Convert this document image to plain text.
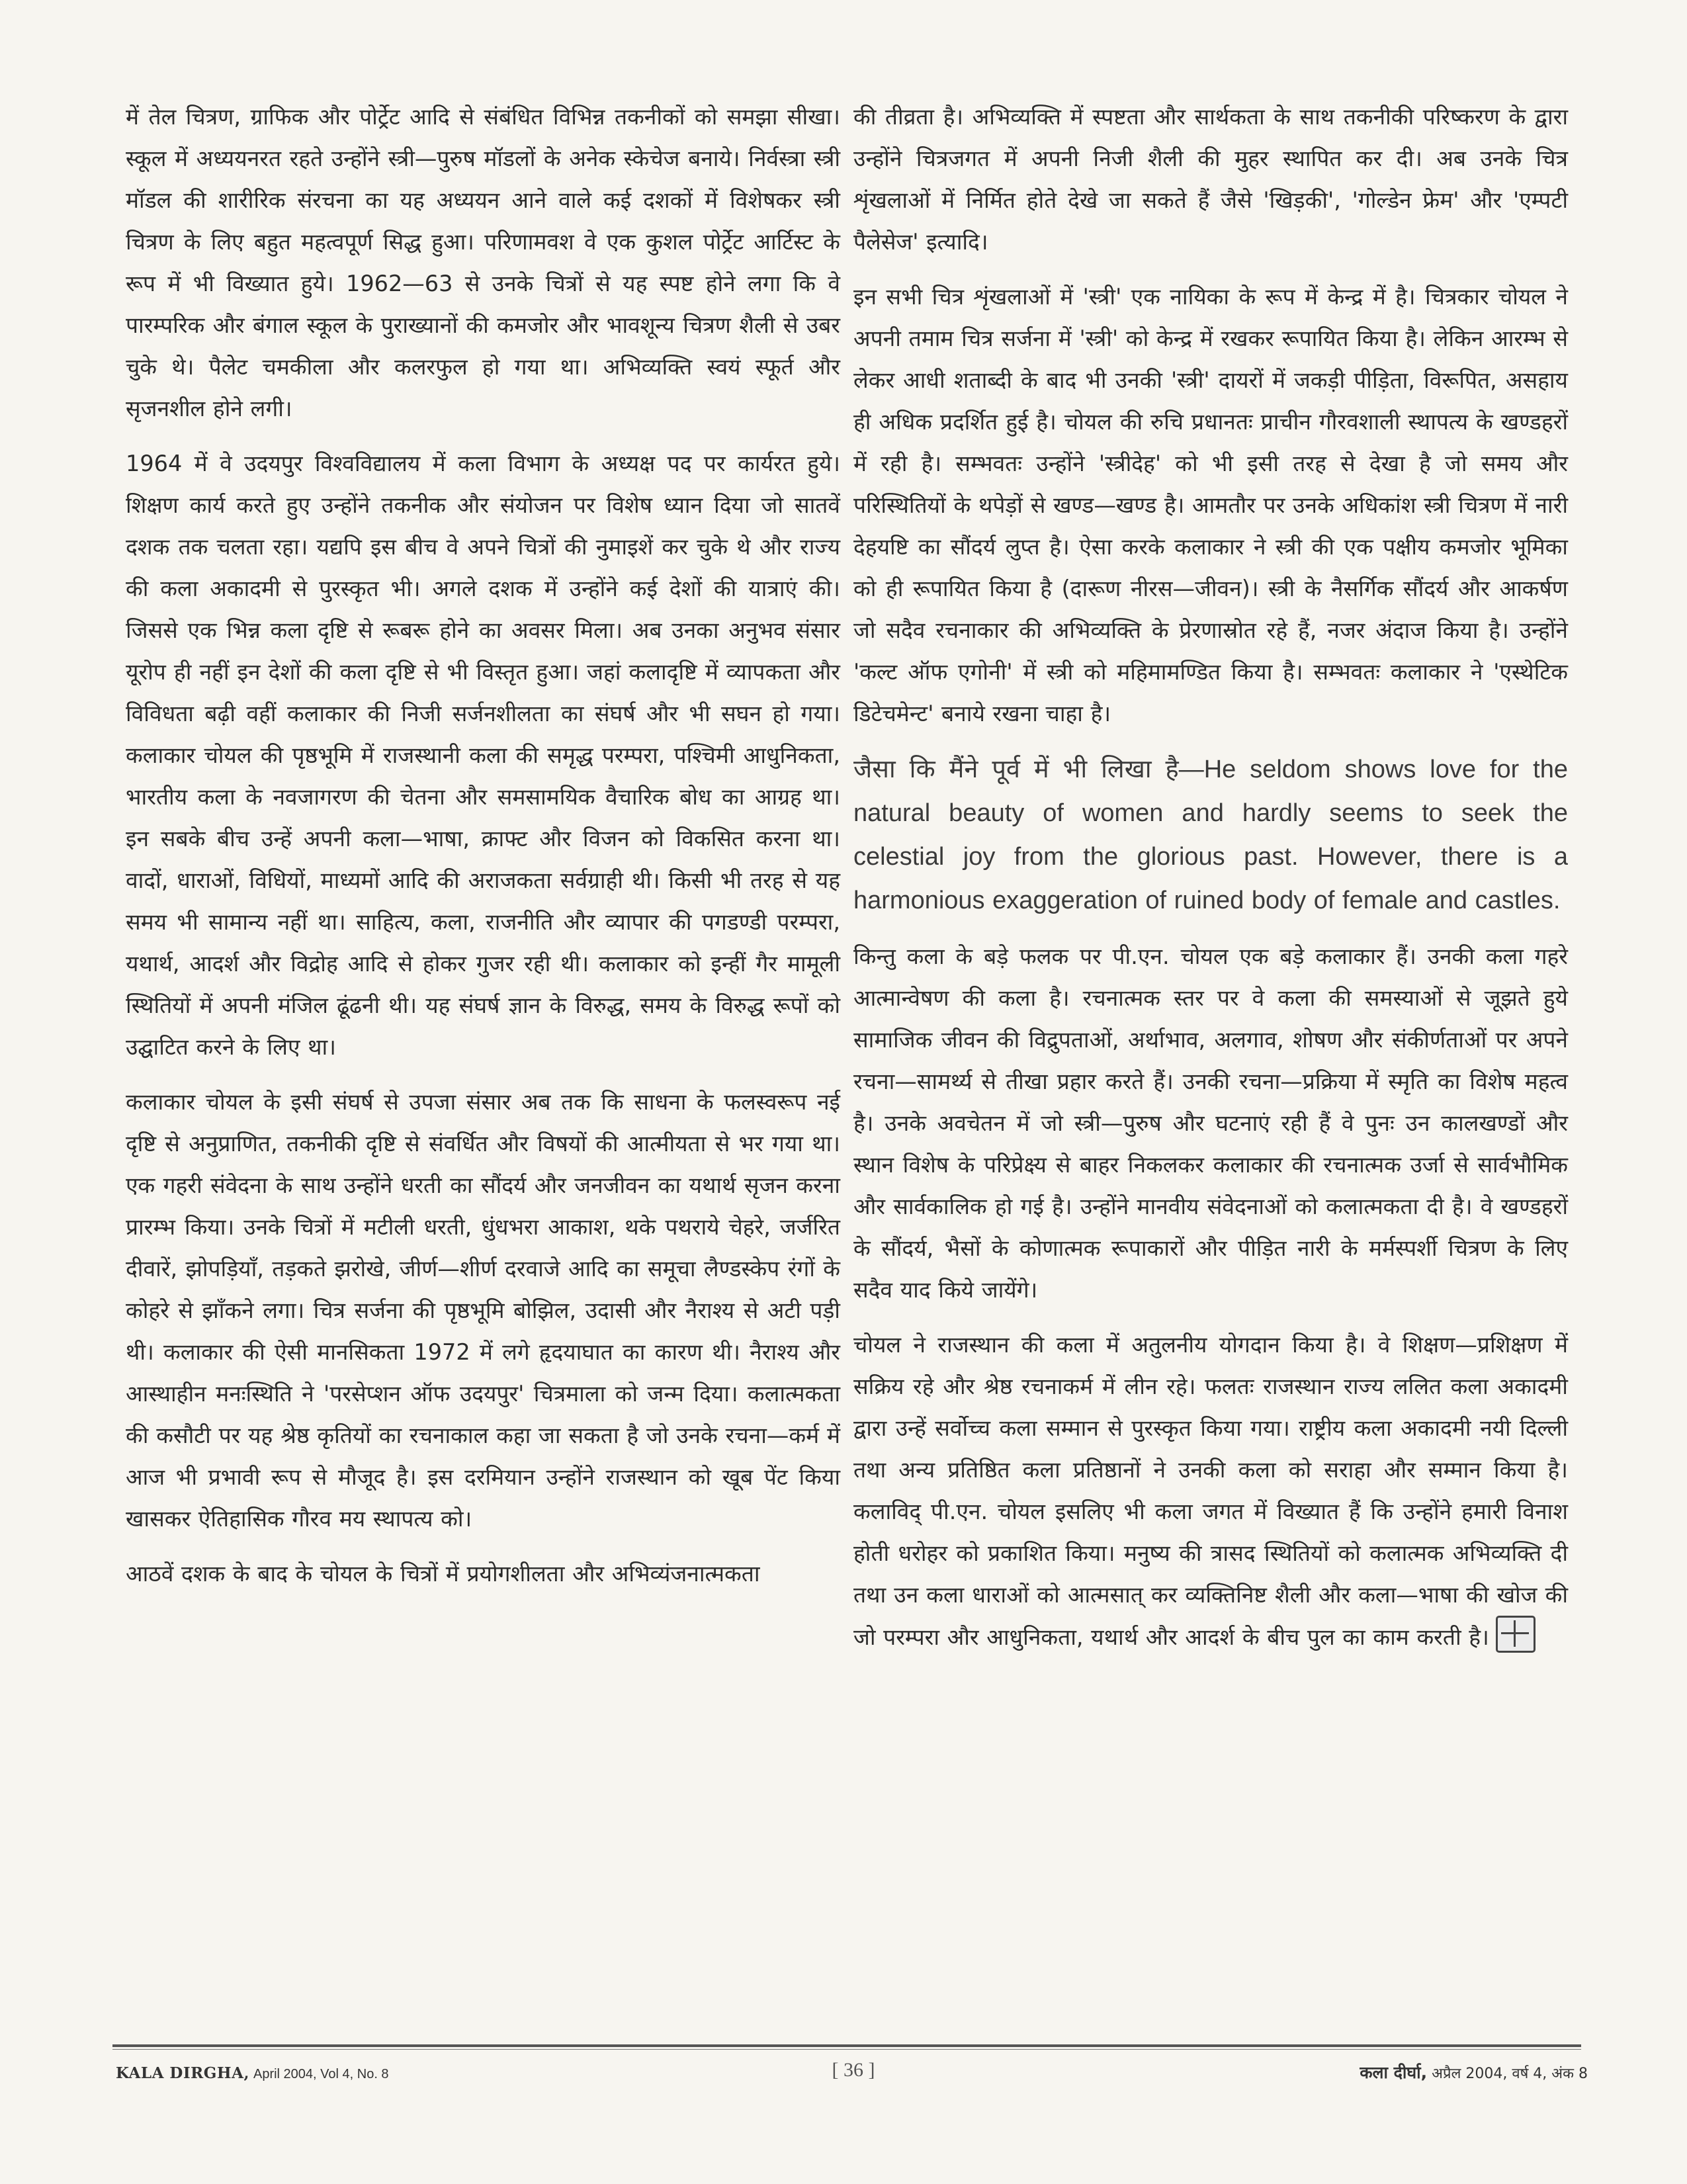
में तेल चित्रण, ग्राफिक और पोर्ट्रेट आदि से संबंधित विभिन्न तकनीकों को समझा सीखा। स्कूल में अध्ययनरत रहते उन्होंने स्त्री—पुरुष मॉडलों के अनेक स्केचेज बनाये। निर्वस्त्रा स्त्री मॉडल की शारीरिक संरचना का यह अध्ययन आने वाले कई दशकों में विशेषकर स्त्री चित्रण के लिए बहुत महत्वपूर्ण सिद्ध हुआ। परिणामवश वे एक कुशल पोर्ट्रेट आर्टिस्ट के रूप में भी विख्यात हुये। 1962—63 से उनके चित्रों से यह स्पष्ट होने लगा कि वे पारम्परिक और बंगाल स्कूल के पुराख्यानों की कमजोर और भावशून्य चित्रण शैली से उबर चुके थे। पैलेट चमकीला और कलरफुल हो गया था। अभिव्यक्ति स्वयं स्फूर्त और सृजनशील होने लगी।

1964 में वे उदयपुर विश्वविद्यालय में कला विभाग के अध्यक्ष पद पर कार्यरत हुये। शिक्षण कार्य करते हुए उन्होंने तकनीक और संयोजन पर विशेष ध्यान दिया जो सातवें दशक तक चलता रहा। यद्यपि इस बीच वे अपने चित्रों की नुमाइशें कर चुके थे और राज्य की कला अकादमी से पुरस्कृत भी। अगले दशक में उन्होंने कई देशों की यात्राएं की। जिससे एक भिन्न कला दृष्टि से रूबरू होने का अवसर मिला। अब उनका अनुभव संसार यूरोप ही नहीं इन देशों की कला दृष्टि से भी विस्तृत हुआ। जहां कलादृष्टि में व्यापकता और विविधता बढ़ी वहीं कलाकार की निजी सर्जनशीलता का संघर्ष और भी सघन हो गया। कलाकार चोयल की पृष्ठभूमि में राजस्थानी कला की समृद्ध परम्परा, पश्चिमी आधुनिकता, भारतीय कला के नवजागरण की चेतना और समसामयिक वैचारिक बोध का आग्रह था। इन सबके बीच उन्हें अपनी कला—भाषा, क्राफ्ट और विजन को विकसित करना था। वादों, धाराओं, विधियों, माध्यमों आदि की अराजकता सर्वग्राही थी। किसी भी तरह से यह समय भी सामान्य नहीं था। साहित्य, कला, राजनीति और व्यापार की पगडण्डी परम्परा, यथार्थ, आदर्श और विद्रोह आदि से होकर गुजर रही थी। कलाकार को इन्हीं गैर मामूली स्थितियों में अपनी मंजिल ढूंढनी थी। यह संघर्ष ज्ञान के विरुद्ध, समय के विरुद्ध रूपों को उद्घाटित करने के लिए था।

कलाकार चोयल के इसी संघर्ष से उपजा संसार अब तक कि साधना के फलस्वरूप नई दृष्टि से अनुप्राणित, तकनीकी दृष्टि से संवर्धित और विषयों की आत्मीयता से भर गया था। एक गहरी संवेदना के साथ उन्होंने धरती का सौंदर्य और जनजीवन का यथार्थ सृजन करना प्रारम्भ किया। उनके चित्रों में मटीली धरती, धुंधभरा आकाश, थके पथराये चेहरे, जर्जरित दीवारें, झोपड़ियाँ, तड़कते झरोखे, जीर्ण—शीर्ण दरवाजे आदि का समूचा लैण्डस्केप रंगों के कोहरे से झाँकने लगा। चित्र सर्जना की पृष्ठभूमि बोझिल, उदासी और नैराश्य से अटी पड़ी थी। कलाकार की ऐसी मानसिकता 1972 में लगे हृदयाघात का कारण थी। नैराश्य और आस्थाहीन मनःस्थिति ने 'परसेप्शन ऑफ उदयपुर' चित्रमाला को जन्म दिया। कलात्मकता की कसौटी पर यह श्रेष्ठ कृतियों का रचनाकाल कहा जा सकता है जो उनके रचना—कर्म में आज भी प्रभावी रूप से मौजूद है। इस दरमियान उन्होंने राजस्थान को खूब पेंट किया खासकर ऐतिहासिक गौरव मय स्थापत्य को।

आठवें दशक के बाद के चोयल के चित्रों में प्रयोगशीलता और अभिव्यंजनात्मकता

की तीव्रता है। अभिव्यक्ति में स्पष्टता और सार्थकता के साथ तकनीकी परिष्करण के द्वारा उन्होंने चित्रजगत में अपनी निजी शैली की मुहर स्थापित कर दी। अब उनके चित्र शृंखलाओं में निर्मित होते देखे जा सकते हैं जैसे 'खिड़की', 'गोल्डेन फ्रेम' और 'एम्पटी पैलेसेज' इत्यादि।

इन सभी चित्र शृंखलाओं में 'स्त्री' एक नायिका के रूप में केन्द्र में है। चित्रकार चोयल ने अपनी तमाम चित्र सर्जना में 'स्त्री' को केन्द्र में रखकर रूपायित किया है। लेकिन आरम्भ से लेकर आधी शताब्दी के बाद भी उनकी 'स्त्री' दायरों में जकड़ी पीड़िता, विरूपित, असहाय ही अधिक प्रदर्शित हुई है। चोयल की रुचि प्रधानतः प्राचीन गौरवशाली स्थापत्य के खण्डहरों में रही है। सम्भवतः उन्होंने 'स्त्रीदेह' को भी इसी तरह से देखा है जो समय और परिस्थितियों के थपेड़ों से खण्ड—खण्ड है। आमतौर पर उनके अधिकांश स्त्री चित्रण में नारी देहयष्टि का सौंदर्य लुप्त है। ऐसा करके कलाकार ने स्त्री की एक पक्षीय कमजोर भूमिका को ही रूपायित किया है (दारूण नीरस—जीवन)। स्त्री के नैसर्गिक सौंदर्य और आकर्षण जो सदैव रचनाकार की अभिव्यक्ति के प्रेरणास्रोत रहे हैं, नजर अंदाज किया है। उन्होंने 'कल्ट ऑफ एगोनी' में स्त्री को महिमामण्डित किया है। सम्भवतः कलाकार ने 'एस्थेटिक डिटेचमेन्ट' बनाये रखना चाहा है।

जैसा कि मैंने पूर्व में भी लिखा है—He seldom shows love for the natural beauty of women and hardly seems to seek the celestial joy from the glorious past. However, there is a harmonious exaggeration of ruined body of female and castles.

किन्तु कला के बड़े फलक पर पी.एन. चोयल एक बड़े कलाकार हैं। उनकी कला गहरे आत्मान्वेषण की कला है। रचनात्मक स्तर पर वे कला की समस्याओं से जूझते हुये सामाजिक जीवन की विद्रुपताओं, अर्थाभाव, अलगाव, शोषण और संकीर्णताओं पर अपने रचना—सामर्थ्य से तीखा प्रहार करते हैं। उनकी रचना—प्रक्रिया में स्मृति का विशेष महत्व है। उनके अवचेतन में जो स्त्री—पुरुष और घटनाएं रही हैं वे पुनः उन कालखण्डों और स्थान विशेष के परिप्रेक्ष्य से बाहर निकलकर कलाकार की रचनात्मक उर्जा से सार्वभौमिक और सार्वकालिक हो गई है। उन्होंने मानवीय संवेदनाओं को कलात्मकता दी है। वे खण्डहरों के सौंदर्य, भैसों के कोणात्मक रूपाकारों और पीड़ित नारी के मर्मस्पर्शी चित्रण के लिए सदैव याद किये जायेंगे।

चोयल ने राजस्थान की कला में अतुलनीय योगदान किया है। वे शिक्षण—प्रशिक्षण में सक्रिय रहे और श्रेष्ठ रचनाकर्म में लीन रहे। फलतः राजस्थान राज्य ललित कला अकादमी द्वारा उन्हें सर्वोच्च कला सम्मान से पुरस्कृत किया गया। राष्ट्रीय कला अकादमी नयी दिल्ली तथा अन्य प्रतिष्ठित कला प्रतिष्ठानों ने उनकी कला को सराहा और सम्मान किया है। कलाविद् पी.एन. चोयल इसलिए भी कला जगत में विख्यात हैं कि उन्होंने हमारी विनाश होती धरोहर को प्रकाशित किया। मनुष्य की त्रासद स्थितियों को कलात्मक अभिव्यक्ति दी तथा उन कला धाराओं को आत्मसात् कर व्यक्तिनिष्ट शैली और कला—भाषा की खोज की जो परम्परा और आधुनिकता, यथार्थ और आदर्श के बीच पुल का काम करती है।

KALA DIRGHA, April 2004, Vol 4, No. 8	[ 36 ]	कला दीर्घा, अप्रैल 2004, वर्ष 4, अंक 8
